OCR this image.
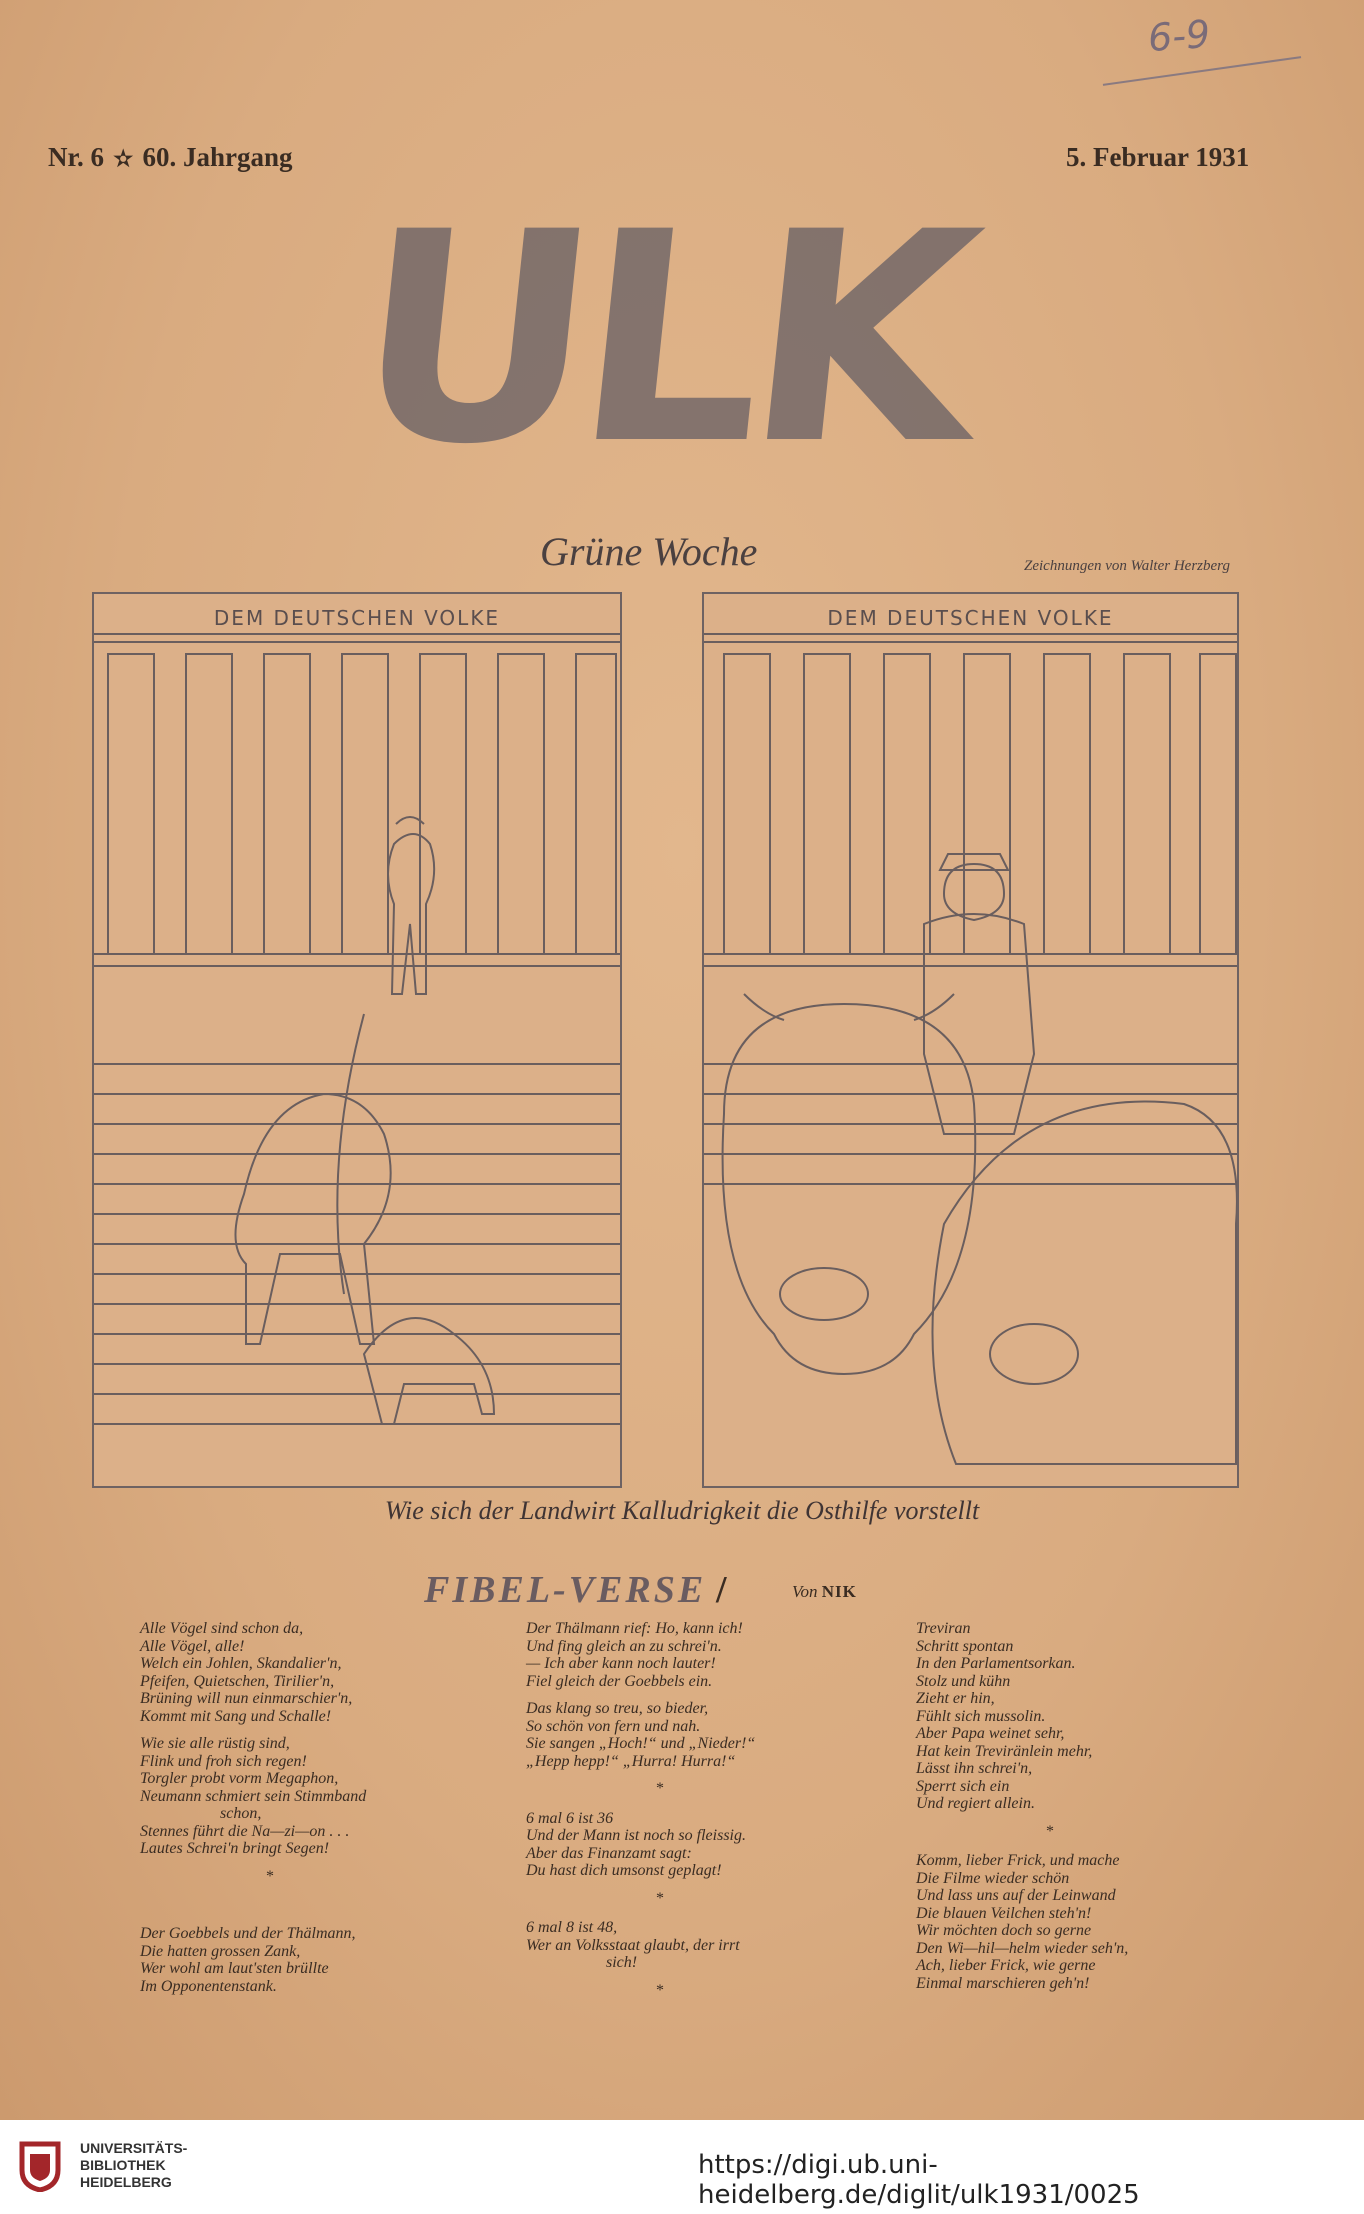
6-9
Nr. 6 ✫ 60. Jahrgang	5. Februar 1931
ULK
Grüne Woche	Zeichnungen von Walter Herzberg
DEM DEUTSCHEN VOLKE	DEM DEUTSCHEN VOLKE
Wie sich der Landwirt Kalludrigkeit die Osthilfe vorstellt
FIBEL-VERSE /	Von NIK
Alle Vögel sind schon da,
Alle Vögel, alle!
Welch ein Johlen, Skandalier'n,
Pfeifen, Quietschen, Tirilier'n,
Brüning will nun einmarschier'n,
Kommt mit Sang und Schalle!
Wie sie alle rüstig sind,
Flink und froh sich regen!
Torgler probt vorm Megaphon,
Neumann schmiert sein Stimmband
schon,
Stennes führt die Na—zi—on . . .
Lautes Schrei'n bringt Segen!
*
Der Goebbels und der Thälmann,
Die hatten grossen Zank,
Wer wohl am laut'sten brüllte
Im Opponentenstank.
Der Thälmann rief: Ho, kann ich!
Und fing gleich an zu schrei'n.
— Ich aber kann noch lauter!
Fiel gleich der Goebbels ein.
Das klang so treu, so bieder,
So schön von fern und nah.
Sie sangen „Hoch!“ und „Nieder!“
„Hepp hepp!“ „Hurra! Hurra!“
*
6 mal 6 ist 36
Und der Mann ist noch so fleissig.
Aber das Finanzamt sagt:
Du hast dich umsonst geplagt!
*
6 mal 8 ist 48,
Wer an Volksstaat glaubt, der irrt
sich!
*
Treviran
Schritt spontan
In den Parlamentsorkan.
Stolz und kühn
Zieht er hin,
Fühlt sich mussolin.
Aber Papa weinet sehr,
Hat kein Treviränlein mehr,
Lässt ihn schrei'n,
Sperrt sich ein
Und regiert allein.
*
Komm, lieber Frick, und mache
Die Filme wieder schön
Und lass uns auf der Leinwand
Die blauen Veilchen steh'n!
Wir möchten doch so gerne
Den Wi—hil—helm wieder seh'n,
Ach, lieber Frick, wie gerne
Einmal marschieren geh'n!
UNIVERSITÄTS-
BIBLIOTHEK
HEIDELBERG
https://digi.ub.uni-heidelberg.de/diglit/ulk1931/0025
